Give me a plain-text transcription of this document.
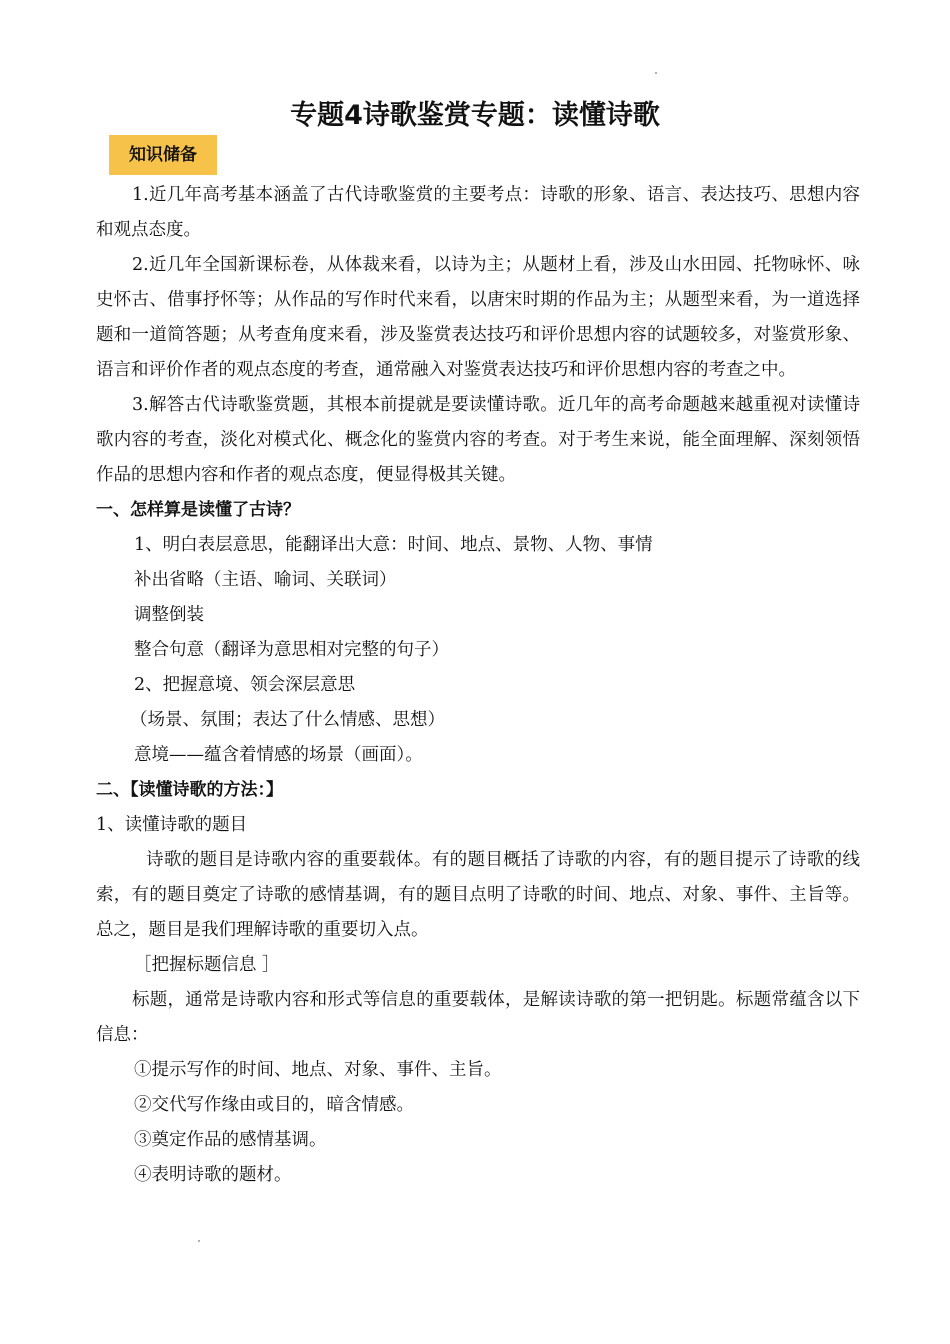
专题4诗歌鉴赏专题：读懂诗歌
知识储备

1.近几年高考基本涵盖了古代诗歌鉴赏的主要考点：诗歌的形象、语言、表达技巧、思想内容和观点态度。

2.近几年全国新课标卷，从体裁来看，以诗为主；从题材上看，涉及山水田园、托物咏怀、咏史怀古、借事抒怀等；从作品的写作时代来看，以唐宋时期的作品为主；从题型来看，为一道选择题和一道简答题；从考查角度来看，涉及鉴赏表达技巧和评价思想内容的试题较多，对鉴赏形象、语言和评价作者的观点态度的考查，通常融入对鉴赏表达技巧和评价思想内容的考查之中。

3.解答古代诗歌鉴赏题，其根本前提就是要读懂诗歌。近几年的高考命题越来越重视对读懂诗歌内容的考查，淡化对模式化、概念化的鉴赏内容的考查。对于考生来说，能全面理解、深刻领悟作品的思想内容和作者的观点态度，便显得极其关键。

一、怎样算是读懂了古诗？

1、明白表层意思，能翻译出大意：时间、地点、景物、人物、事情

补出省略（主语、喻词、关联词）

调整倒装

整合句意（翻译为意思相对完整的句子）

2、把握意境、领会深层意思

（场景、氛围；表达了什么情感、思想）

意境——蕴含着情感的场景（画面）。

二、【读懂诗歌的方法：】

1、读懂诗歌的题目

诗歌的题目是诗歌内容的重要载体。有的题目概括了诗歌的内容，有的题目提示了诗歌的线索，有的题目奠定了诗歌的感情基调，有的题目点明了诗歌的时间、地点、对象、事件、主旨等。总之，题目是我们理解诗歌的重要切入点。

［把握标题信息 ］

标题，通常是诗歌内容和形式等信息的重要载体，是解读诗歌的第一把钥匙。标题常蕴含以下信息：

①提示写作的时间、地点、对象、事件、主旨。

②交代写作缘由或目的，暗含情感。

③奠定作品的感情基调。

④表明诗歌的题材。
